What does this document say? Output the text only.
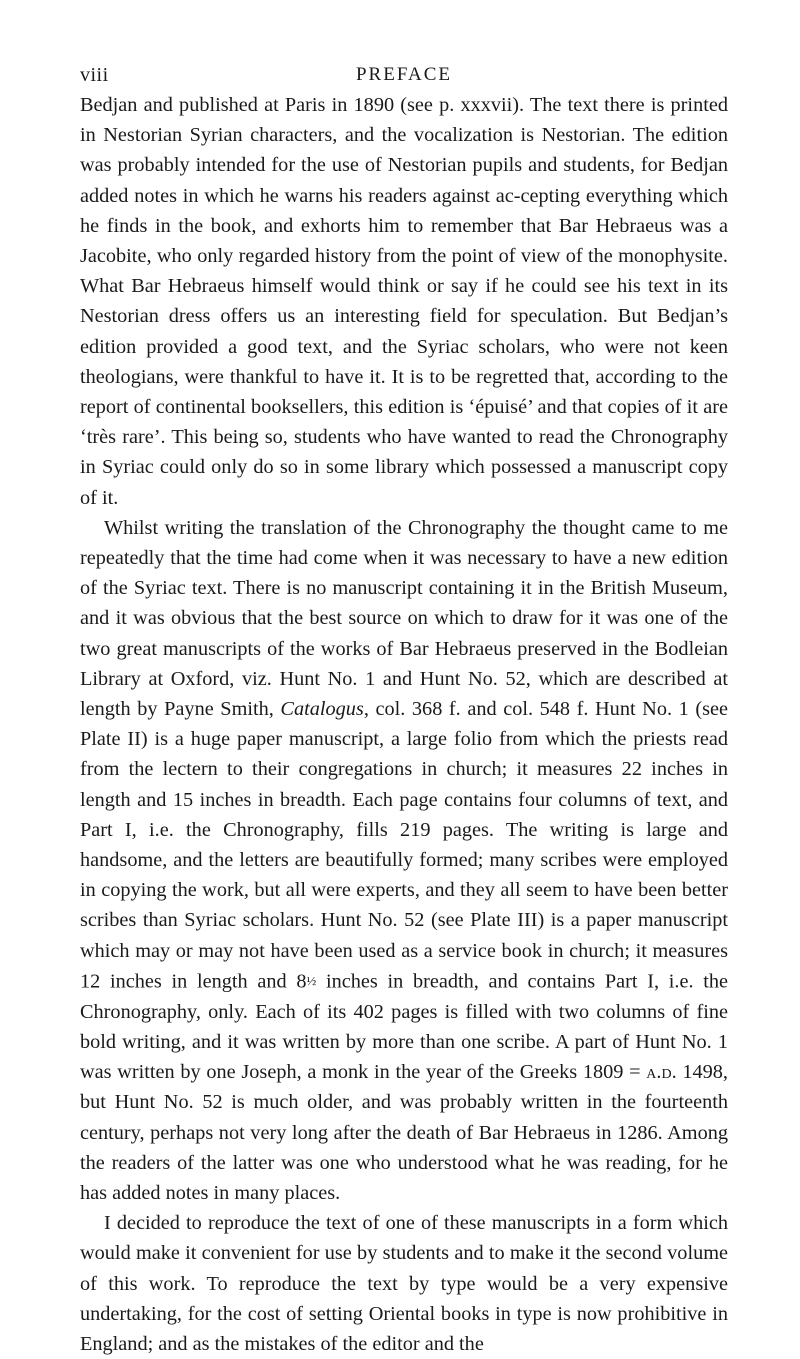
viii	PREFACE

Bedjan and published at Paris in 1890 (see p. xxxvii). The text there is printed in Nestorian Syrian characters, and the vocalization is Nestorian. The edition was probably intended for the use of Nestorian pupils and students, for Bedjan added notes in which he warns his readers against ac-cepting everything which he finds in the book, and exhorts him to remember that Bar Hebraeus was a Jacobite, who only regarded history from the point of view of the monophysite. What Bar Hebraeus himself would think or say if he could see his text in its Nestorian dress offers us an interesting field for speculation. But Bedjan’s edition provided a good text, and the Syriac scholars, who were not keen theologians, were thankful to have it. It is to be regretted that, according to the report of continental booksellers, this edition is ‘épuisé’ and that copies of it are ‘très rare’. This being so, students who have wanted to read the Chronography in Syriac could only do so in some library which possessed a manuscript copy of it.

Whilst writing the translation of the Chronography the thought came to me repeatedly that the time had come when it was necessary to have a new edition of the Syriac text. There is no manuscript containing it in the British Museum, and it was obvious that the best source on which to draw for it was one of the two great manuscripts of the works of Bar Hebraeus preserved in the Bodleian Library at Oxford, viz. Hunt No. 1 and Hunt No. 52, which are described at length by Payne Smith, Catalogus, col. 368 f. and col. 548 f. Hunt No. 1 (see Plate II) is a huge paper manuscript, a large folio from which the priests read from the lectern to their congregations in church; it measures 22 inches in length and 15 inches in breadth. Each page contains four columns of text, and Part I, i.e. the Chronography, fills 219 pages. The writing is large and handsome, and the letters are beautifully formed; many scribes were employed in copying the work, but all were experts, and they all seem to have been better scribes than Syriac scholars. Hunt No. 52 (see Plate III) is a paper manuscript which may or may not have been used as a service book in church; it measures 12 inches in length and 8½ inches in breadth, and contains Part I, i.e. the Chronography, only. Each of its 402 pages is filled with two columns of fine bold writing, and it was written by more than one scribe. A part of Hunt No. 1 was written by one Joseph, a monk in the year of the Greeks 1809 = a.d. 1498, but Hunt No. 52 is much older, and was probably written in the fourteenth century, perhaps not very long after the death of Bar Hebraeus in 1286. Among the readers of the latter was one who understood what he was reading, for he has added notes in many places.

I decided to reproduce the text of one of these manuscripts in a form which would make it convenient for use by students and to make it the second volume of this work. To reproduce the text by type would be a very expensive undertaking, for the cost of setting Oriental books in type is now prohibitive in England; and as the mistakes of the editor and the
